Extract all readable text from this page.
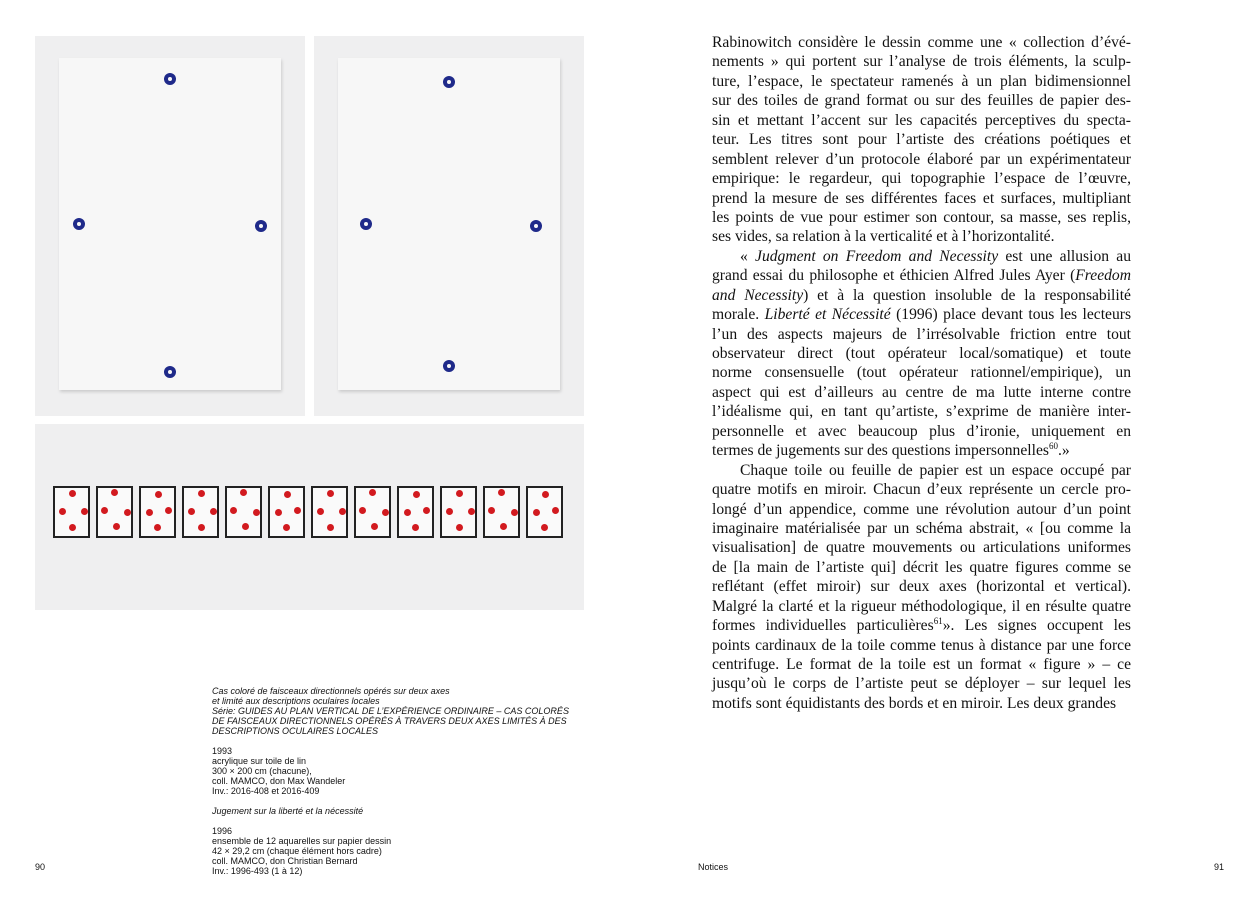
Cas coloré de faisceaux directionnels opérés sur deux axes
et limité aux descriptions oculaires locales
Série: GUIDES AU PLAN VERTICAL DE L’EXPÉRIENCE ORDINAIRE – CAS COLORÉS
DE FAISCEAUX DIRECTIONNELS OPÉRÉS À TRAVERS DEUX AXES LIMITÉS À DES
DESCRIPTIONS OCULAIRES LOCALES
1993
acrylique sur toile de lin
300 × 200 cm (chacune),
coll. MAMCO, don Max Wandeler
Inv.: 2016-408 et 2016-409
Jugement sur la liberté et la nécessité
1996
ensemble de 12 aquarelles sur papier dessin
42 × 29,2 cm (chaque élément hors cadre)
coll. MAMCO, don Christian Bernard
Inv.: 1996-493 (1 à 12)
Rabinowitch considère le dessin comme une « collection d’évé-
nements » qui portent sur l’analyse de trois éléments, la sculp-
ture, l’espace, le spectateur ramenés à un plan bidimensionnel
sur des toiles de grand format ou sur des feuilles de papier des-
sin et mettant l’accent sur les capacités perceptives du specta-
teur. Les titres sont pour l’artiste des créations poétiques et
semblent relever d’un protocole élaboré par un expérimentateur
empirique: le regardeur, qui topographie l’espace de l’œuvre,
prend la mesure de ses différentes faces et surfaces, multipliant
les points de vue pour estimer son contour, sa masse, ses replis,
ses vides, sa relation à la verticalité et à l’horizontalité.
« Judgment on Freedom and Necessity est une allusion au
grand essai du philosophe et éthicien Alfred Jules Ayer (Freedom
and Necessity) et à la question insoluble de la responsabilité
morale. Liberté et Nécessité (1996) place devant tous les lecteurs
l’un des aspects majeurs de l’irrésolvable friction entre tout
observateur direct (tout opérateur local/somatique) et toute
norme consensuelle (tout opérateur rationnel/empirique), un
aspect qui est d’ailleurs au centre de ma lutte interne contre
l’idéalisme qui, en tant qu’artiste, s’exprime de manière inter-
personnelle et avec beaucoup plus d’ironie, uniquement en
termes de jugements sur des questions impersonnelles$^{60}$.»
Chaque toile ou feuille de papier est un espace occupé par
quatre motifs en miroir. Chacun d’eux représente un cercle pro-
longé d’un appendice, comme une révolution autour d’un point
imaginaire matérialisée par un schéma abstrait, « [ou comme la
visualisation] de quatre mouvements ou articulations uniformes
de [la main de l’artiste qui] décrit les quatre figures comme se
reflétant (effet miroir) sur deux axes (horizontal et vertical).
Malgré la clarté et la rigueur méthodologique, il en résulte quatre
formes individuelles particulières$^{61}$». Les signes occupent les
points cardinaux de la toile comme tenus à distance par une force
centrifuge. Le format de la toile est un format « figure » – ce
jusqu’où le corps de l’artiste peut se déployer – sur lequel les
motifs sont équidistants des bords et en miroir. Les deux grandes
90	Notices	91
